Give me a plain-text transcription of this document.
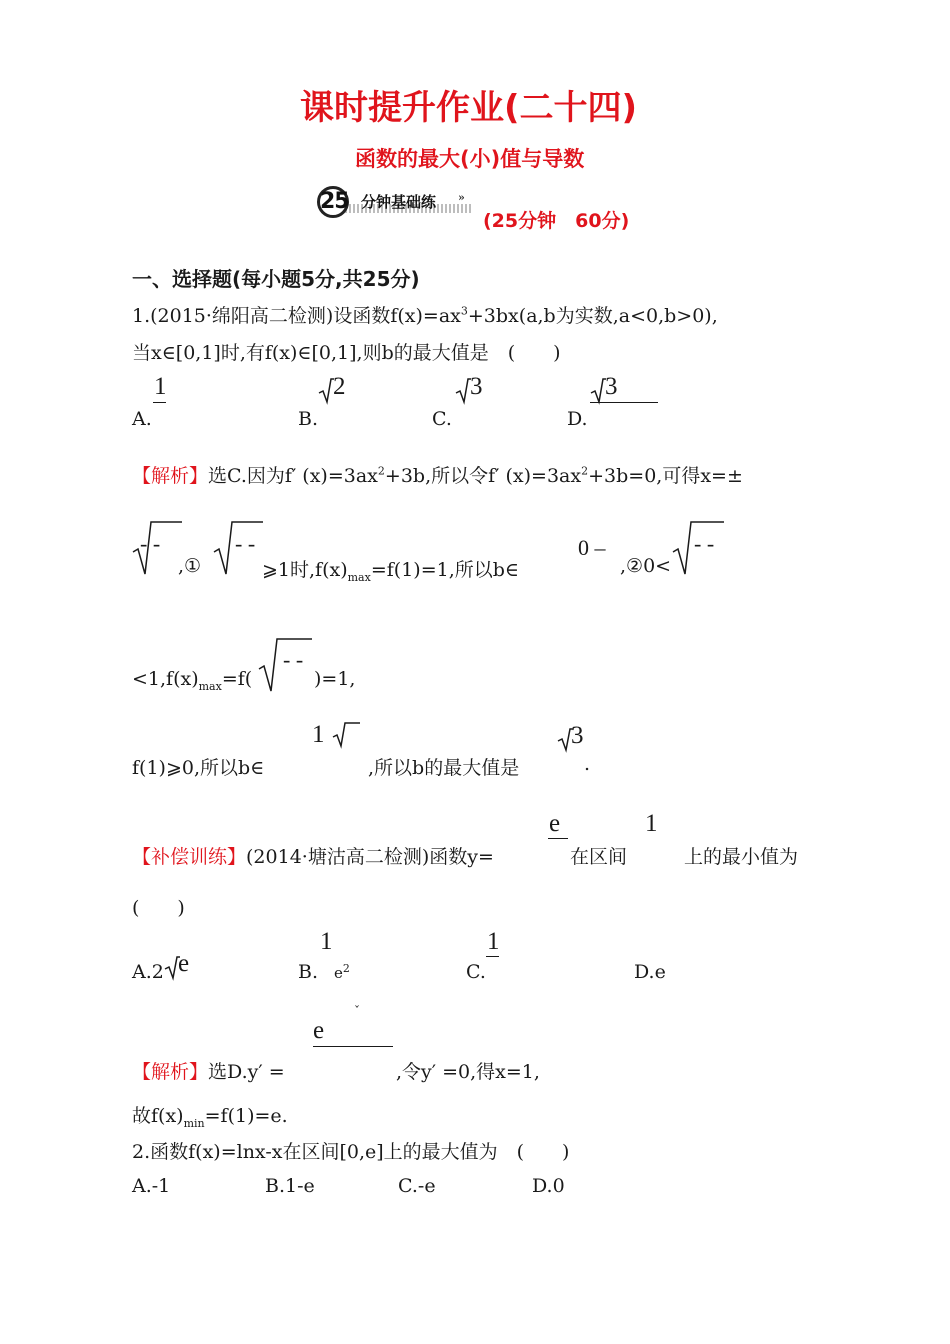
课时提升作业(二十四)
函数的最大(小)值与导数
25 分钟基础练 »
(25分钟　60分)
一、选择题(每小题5分,共25分)
1.(2015·绵阳高二检测)设函数$f(x)=ax^3+3bx(a,b$为实数,a<0,b>0),
当x∈[0,1]时,有f(x)∈[0,1],则b的最大值是　(　　)
A.
1
B.
2
C.
3
D.
3
【解析】选C.因为f′ $(x)=3ax^2+3b$,所以令f′ $(x)=3ax^2+3b=0$,可得x=±
- -
,①
- -
⩾1时$,f(x)_{max}=f(1)=1$,所以b∈
0 –
,②0<
- -
$<1,f(x)_{max}=f$(
- -
)=1,
f(1)⩾0,所以b∈
1
,所以b的最大值是
3
.
【补偿训练】(2014·塘沽高二检测)函数y=
e
在区间
1
上的最小值为
(　　)
A.2 e	B.
1
$e^2$	C.
1
D.e
e
ˇ
【解析】选D.y′ =	,令y′ =0,得x=1,
故$f(x)_{min}=f(1)=e$.
2.函数f(x)=lnx-x在区间[0,e]上的最大值为　(　　)
A.-1	B.1-e	C.-e	D.0
